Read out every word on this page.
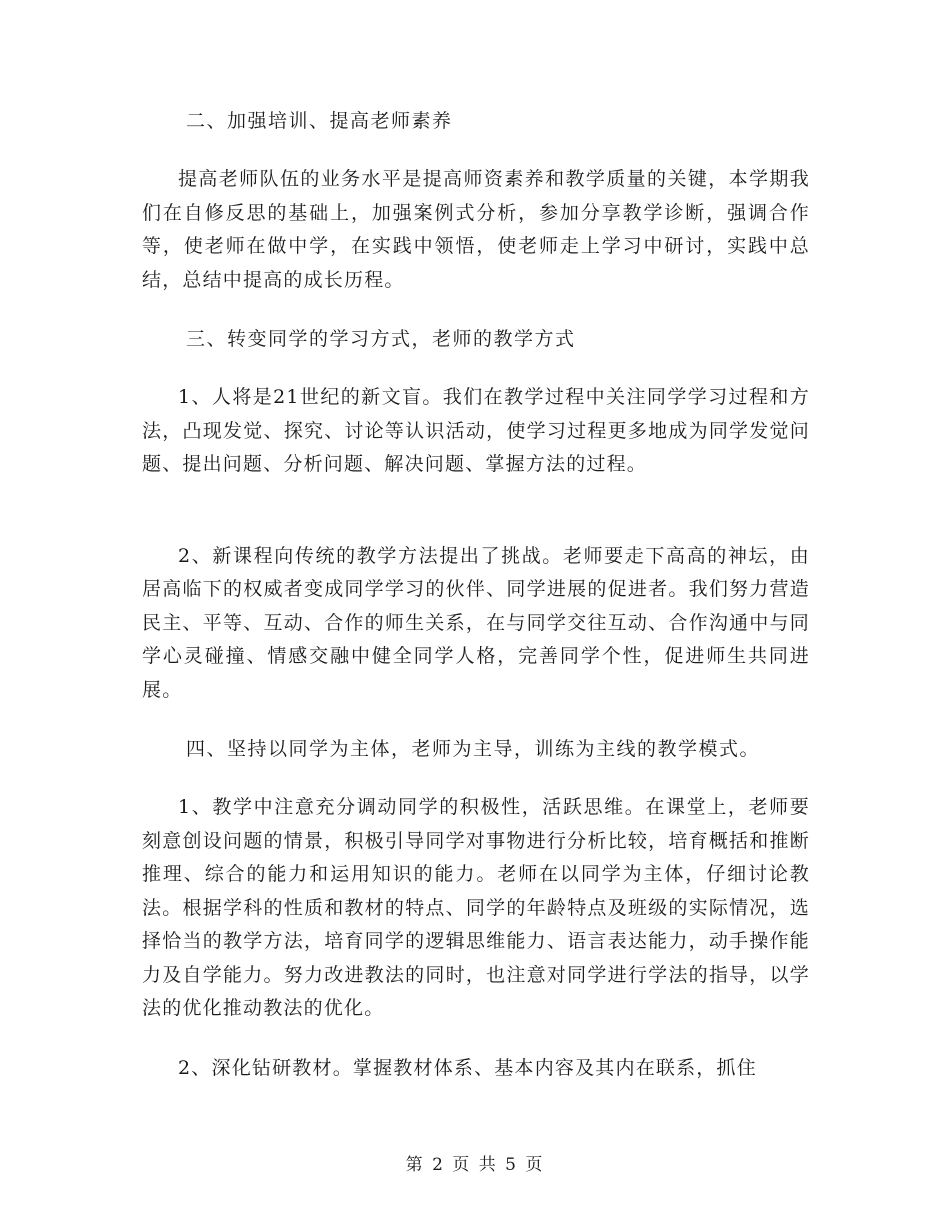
二、加强培训、提高老师素养

提高老师队伍的业务水平是提高师资素养和教学质量的关键，本学期我们在自修反思的基础上，加强案例式分析，参加分享教学诊断，强调合作等，使老师在做中学，在实践中领悟，使老师走上学习中研讨，实践中总结，总结中提高的成长历程。

三、转变同学的学习方式，老师的教学方式

1、人将是21世纪的新文盲。我们在教学过程中关注同学学习过程和方法，凸现发觉、探究、讨论等认识活动，使学习过程更多地成为同学发觉问题、提出问题、分析问题、解决问题、掌握方法的过程。

2、新课程向传统的教学方法提出了挑战。老师要走下高高的神坛，由居高临下的权威者变成同学学习的伙伴、同学进展的促进者。我们努力营造民主、平等、互动、合作的师生关系，在与同学交往互动、合作沟通中与同学心灵碰撞、情感交融中健全同学人格，完善同学个性，促进师生共同进展。

四、坚持以同学为主体，老师为主导，训练为主线的教学模式。

1、教学中注意充分调动同学的积极性，活跃思维。在课堂上，老师要刻意创设问题的情景，积极引导同学对事物进行分析比较，培育概括和推断推理、综合的能力和运用知识的能力。老师在以同学为主体，仔细讨论教法。根据学科的性质和教材的特点、同学的年龄特点及班级的实际情况，选择恰当的教学方法，培育同学的逻辑思维能力、语言表达能力，动手操作能力及自学能力。努力改进教法的同时，也注意对同学进行学法的指导，以学法的优化推动教法的优化。

2、深化钻研教材。掌握教材体系、基本内容及其内在联系，抓住

第 2 页 共 5 页
